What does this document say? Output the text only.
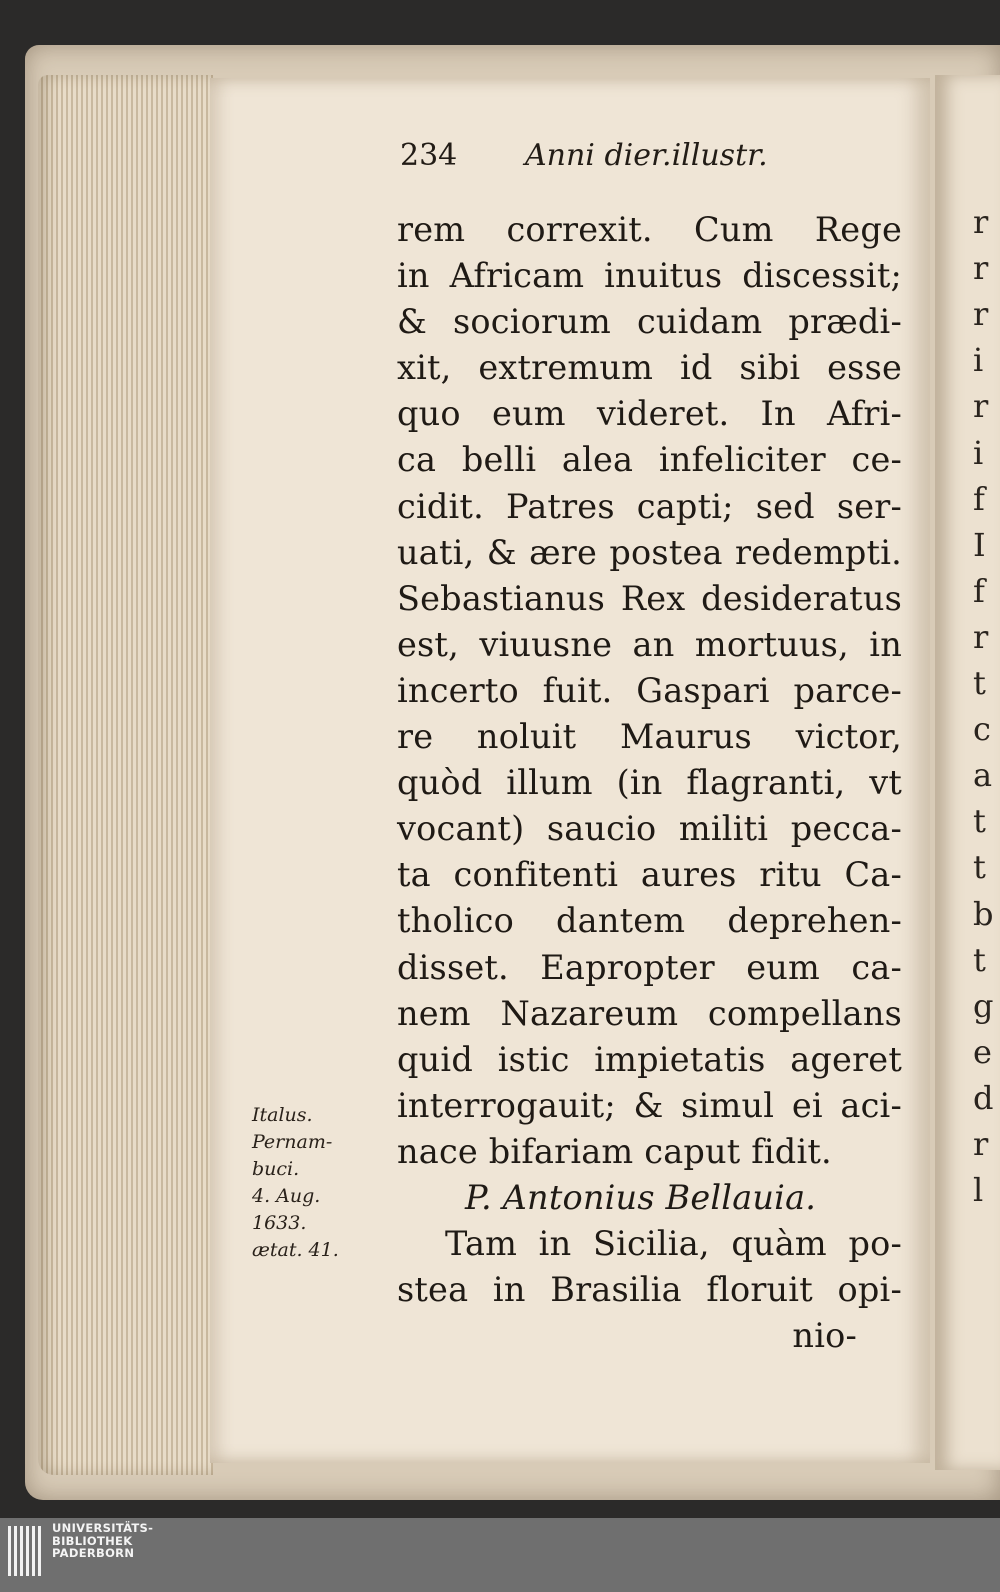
r
r
r
i
r
i
f
I
f
r
t
c
a
t
t
b
t
g
e
d
r
l
234 Anni dier.illustr.
rem correxit. Cum Rege
in Africam inuitus discessit;
& sociorum cuidam prædi-
xit, extremum id sibi esse
quo eum videret. In Afri-
ca belli alea infeliciter ce-
cidit. Patres capti; sed ser-
uati, & ære postea redempti.
Sebastianus Rex desideratus
est, viuusne an mortuus, in
incerto fuit. Gaspari parce-
re noluit Maurus victor,
quòd illum (in flagranti, vt
vocant) saucio militi pecca-
ta confitenti aures ritu Ca-
tholico dantem deprehen-
disset. Eapropter eum ca-
nem Nazareum compellans
quid istic impietatis ageret
interrogauit; & simul ei aci-
nace bifariam caput fidit.
P. Antonius Bellauia.
Tam in Sicilia, quàm po-
stea in Brasilia floruit opi-
nio-
Italus.
Pernam-
buci.
4. Aug.
1633.
ætat. 41.
UNIVERSITÄTS-
BIBLIOTHEK
PADERBORN
